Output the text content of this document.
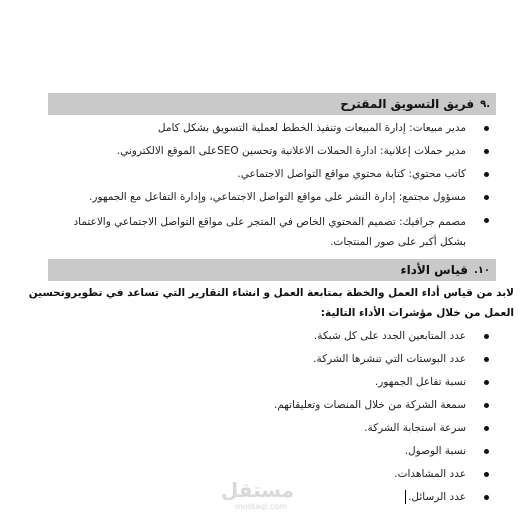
.٩
فريق التسويق المقترح
مدير مبيعات: إدارة المبيعات وتنفيذ الخطط لعملية التسويق بشكل كامل
مدير حملات إعلانية: ادارة الحملات الاعلانية وتحسين SEOعلى الموقع الالكتروني.
كاتب محتوي: كتابة محتوي مواقع التواصل الاجتماعي.
مسؤول مجتمع: إدارة النشر على مواقع التواصل الاجتماعي، وإدارة التفاعل مع الجمهور.
مصمم جرافيك: تصميم المحتوي الخاص في المتجر على مواقع التواصل الاجتماعي والاعتماد بشكل أكبر على صور المنتجات.
١٠.
قياس الأداء

لابد من قياس أداء العمل والخطة بمتابعة العمل و انشاء التقارير التي تساعد في تطويروتحسين العمل من خلال مؤشرات الأداء التالية:

عدد المتابعين الجدد على كل شبكة.
عدد البوستات التي تنشرها الشركة.
نسبة تفاعل الجمهور.
سمعة الشركة من خلال المنصات وتعليقاتهم.
سرعة استجابة الشركة.
نسبة الوصول.
عدد المشاهدات.
عدد الرسائل.
مستقل
mostaql.com
